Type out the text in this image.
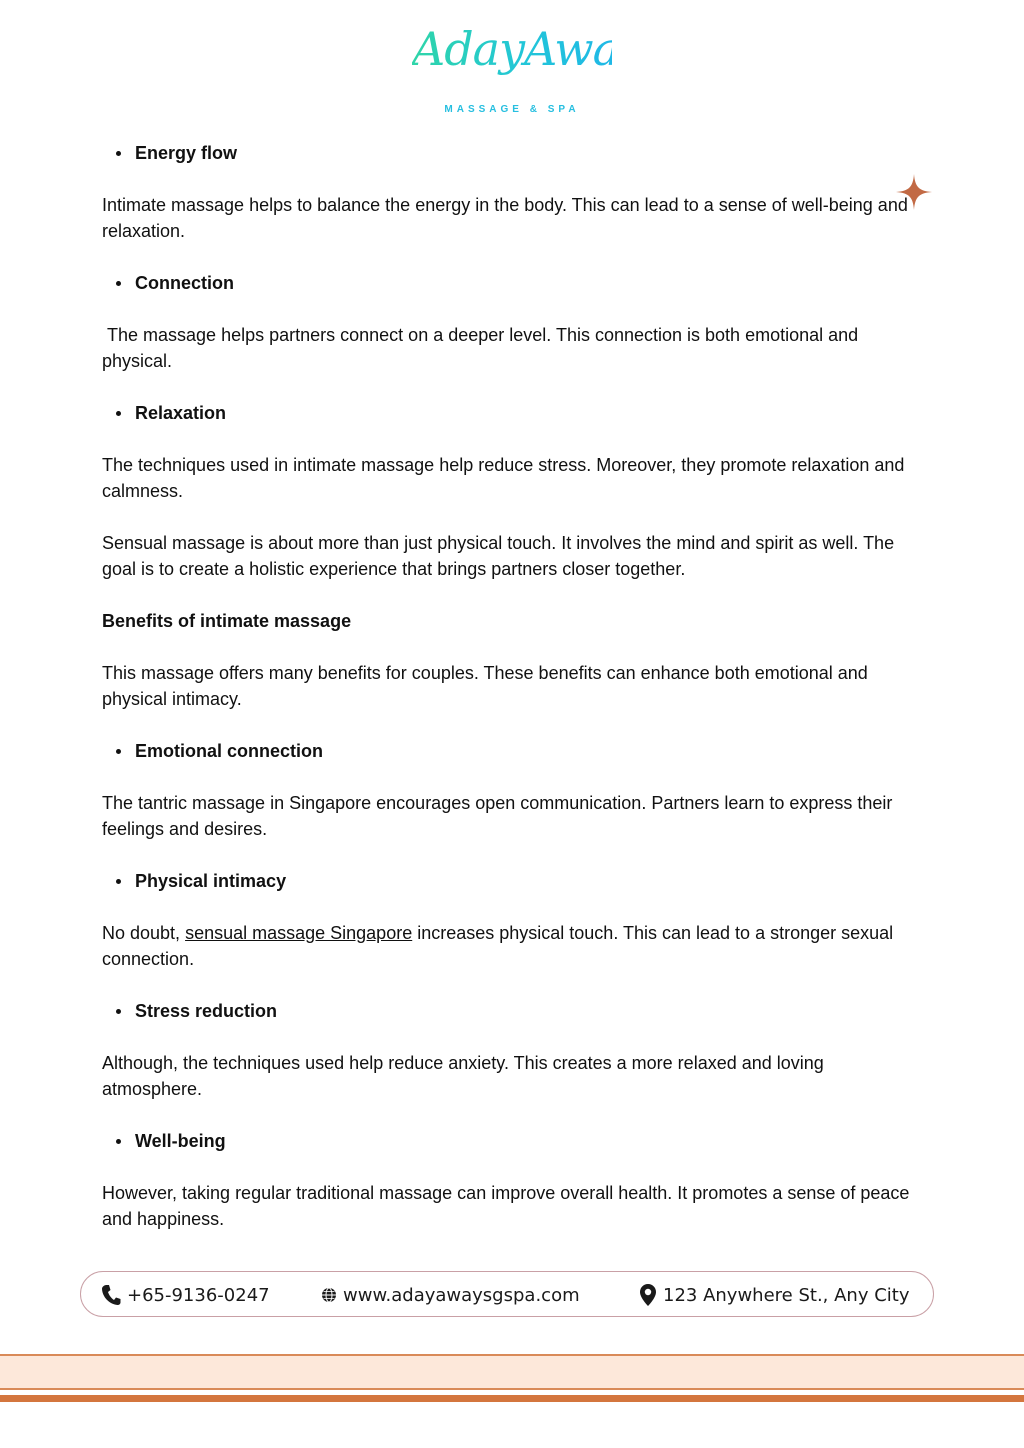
AdayAway
MASSAGE & SPA

Energy flow

Intimate massage helps to balance the energy in the body. This can lead to a sense of well-being and relaxation.

Connection

The massage helps partners connect on a deeper level. This connection is both emotional and physical.

Relaxation

The techniques used in intimate massage help reduce stress. Moreover, they promote relaxation and calmness.

Sensual massage is about more than just physical touch. It involves the mind and spirit as well. The goal is to create a holistic experience that brings partners closer together.

Benefits of intimate massage

This massage offers many benefits for couples. These benefits can enhance both emotional and physical intimacy.

Emotional connection

The tantric massage in Singapore encourages open communication. Partners learn to express their feelings and desires.

Physical intimacy

No doubt, sensual massage Singapore increases physical touch. This can lead to a stronger sexual connection.

Stress reduction

Although, the techniques used help reduce anxiety. This creates a more relaxed and loving atmosphere.

Well-being

However, taking regular traditional massage can improve overall health. It promotes a sense of peace and happiness.

+65-9136-0247	www.adayawaysgspa.com	123 Anywhere St., Any City
